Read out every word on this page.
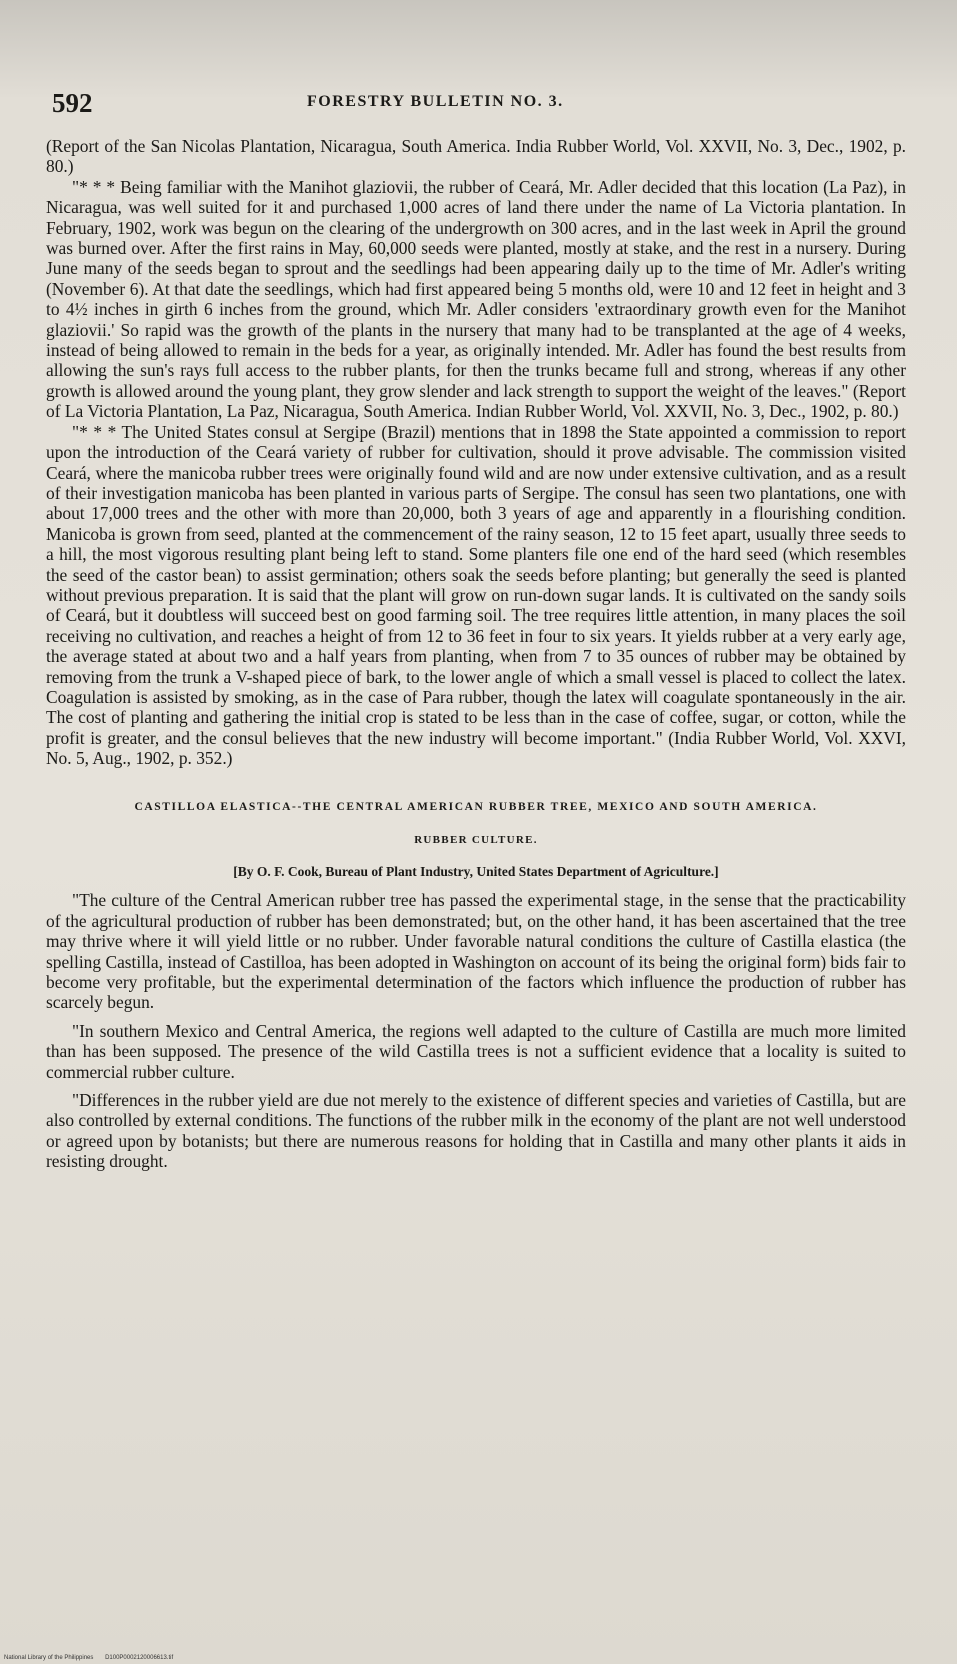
592	FORESTRY BULLETIN NO. 3.

(Report of the San Nicolas Plantation, Nicaragua, South America. India Rubber World, Vol. XXVII, No. 3, Dec., 1902, p. 80.)

"* * * Being familiar with the Manihot glaziovii, the rubber of Ceará, Mr. Adler decided that this location (La Paz), in Nicaragua, was well suited for it and purchased 1,000 acres of land there under the name of La Victoria plantation. In February, 1902, work was begun on the clearing of the undergrowth on 300 acres, and in the last week in April the ground was burned over. After the first rains in May, 60,000 seeds were planted, mostly at stake, and the rest in a nursery. During June many of the seeds began to sprout and the seedlings had been appearing daily up to the time of Mr. Adler's writing (November 6). At that date the seedlings, which had first appeared being 5 months old, were 10 and 12 feet in height and 3 to 4½ inches in girth 6 inches from the ground, which Mr. Adler considers 'extraordinary growth even for the Manihot glaziovii.' So rapid was the growth of the plants in the nursery that many had to be transplanted at the age of 4 weeks, instead of being allowed to remain in the beds for a year, as originally intended. Mr. Adler has found the best results from allowing the sun's rays full access to the rubber plants, for then the trunks became full and strong, whereas if any other growth is allowed around the young plant, they grow slender and lack strength to support the weight of the leaves." (Report of La Victoria Plantation, La Paz, Nicaragua, South America. Indian Rubber World, Vol. XXVII, No. 3, Dec., 1902, p. 80.)

"* * * The United States consul at Sergipe (Brazil) mentions that in 1898 the State appointed a commission to report upon the introduction of the Ceará variety of rubber for cultivation, should it prove advisable. The commission visited Ceará, where the manicoba rubber trees were originally found wild and are now under extensive cultivation, and as a result of their investigation manicoba has been planted in various parts of Sergipe. The consul has seen two plantations, one with about 17,000 trees and the other with more than 20,000, both 3 years of age and apparently in a flourishing condition. Manicoba is grown from seed, planted at the commencement of the rainy season, 12 to 15 feet apart, usually three seeds to a hill, the most vigorous resulting plant being left to stand. Some planters file one end of the hard seed (which resembles the seed of the castor bean) to assist germination; others soak the seeds before planting; but generally the seed is planted without previous preparation. It is said that the plant will grow on run-down sugar lands. It is cultivated on the sandy soils of Ceará, but it doubtless will succeed best on good farming soil. The tree requires little attention, in many places the soil receiving no cultivation, and reaches a height of from 12 to 36 feet in four to six years. It yields rubber at a very early age, the average stated at about two and a half years from planting, when from 7 to 35 ounces of rubber may be obtained by removing from the trunk a V-shaped piece of bark, to the lower angle of which a small vessel is placed to collect the latex. Coagulation is assisted by smoking, as in the case of Para rubber, though the latex will coagulate spontaneously in the air. The cost of planting and gathering the initial crop is stated to be less than in the case of coffee, sugar, or cotton, while the profit is greater, and the consul believes that the new industry will become important." (India Rubber World, Vol. XXVI, No. 5, Aug., 1902, p. 352.)

CASTILLOA ELASTICA--THE CENTRAL AMERICAN RUBBER TREE, MEXICO AND SOUTH AMERICA.
RUBBER CULTURE.
[By O. F. Cook, Bureau of Plant Industry, United States Department of Agriculture.]

"The culture of the Central American rubber tree has passed the experimental stage, in the sense that the practicability of the agricultural production of rubber has been demonstrated; but, on the other hand, it has been ascertained that the tree may thrive where it will yield little or no rubber. Under favorable natural conditions the culture of Castilla elastica (the spelling Castilla, instead of Castilloa, has been adopted in Washington on account of its being the original form) bids fair to become very profitable, but the experimental determination of the factors which influence the production of rubber has scarcely begun.

"In southern Mexico and Central America, the regions well adapted to the culture of Castilla are much more limited than has been supposed. The presence of the wild Castilla trees is not a sufficient evidence that a locality is suited to commercial rubber culture.

"Differences in the rubber yield are due not merely to the existence of different species and varieties of Castilla, but are also controlled by external conditions. The functions of the rubber milk in the economy of the plant are not well understood or agreed upon by botanists; but there are numerous reasons for holding that in Castilla and many other plants it aids in resisting drought.

National Library of the Philippines D100P0002120006613.tif
